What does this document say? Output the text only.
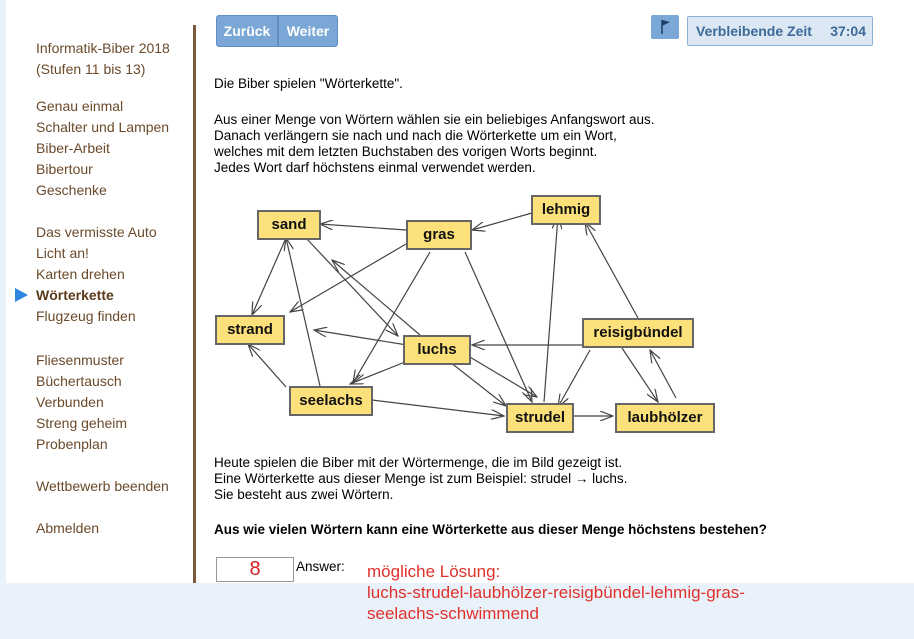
Informatik-Biber 2018
(Stufen 11 bis 13)
Genau einmal
Schalter und Lampen
Biber-Arbeit
Bibertour
Geschenke
Das vermisste Auto
Licht an!
Karten drehen
Wörterkette
Flugzeug finden
Fliesenmuster
Büchertausch
Verbunden
Streng geheim
Probenplan
Wettbewerb beenden
Abmelden
Zurück	Weiter	Verbleibende Zeit 37:04
Die Biber spielen "Wörterkette".
Aus einer Menge von Wörtern wählen sie ein beliebiges Anfangswort aus.
Danach verlängern sie nach und nach die Wörterkette um ein Wort,
welches mit dem letzten Buchstaben des vorigen Worts beginnt.
Jedes Wort darf höchstens einmal verwendet werden.
sand
gras
lehmig
strand
luchs
reisigbündel
seelachs
strudel	laubhölzer
Heute spielen die Biber mit der Wörtermenge, die im Bild gezeigt ist.
Eine Wörterkette aus dieser Menge ist zum Beispiel: strudel → luchs.
Sie besteht aus zwei Wörtern.
Aus wie vielen Wörtern kann eine Wörterkette aus dieser Menge höchstens bestehen?
8	Answer: mögliche Lösung:
luchs-strudel-laubhölzer-reisigbündel-lehmig-gras-
seelachs-schwimmend
